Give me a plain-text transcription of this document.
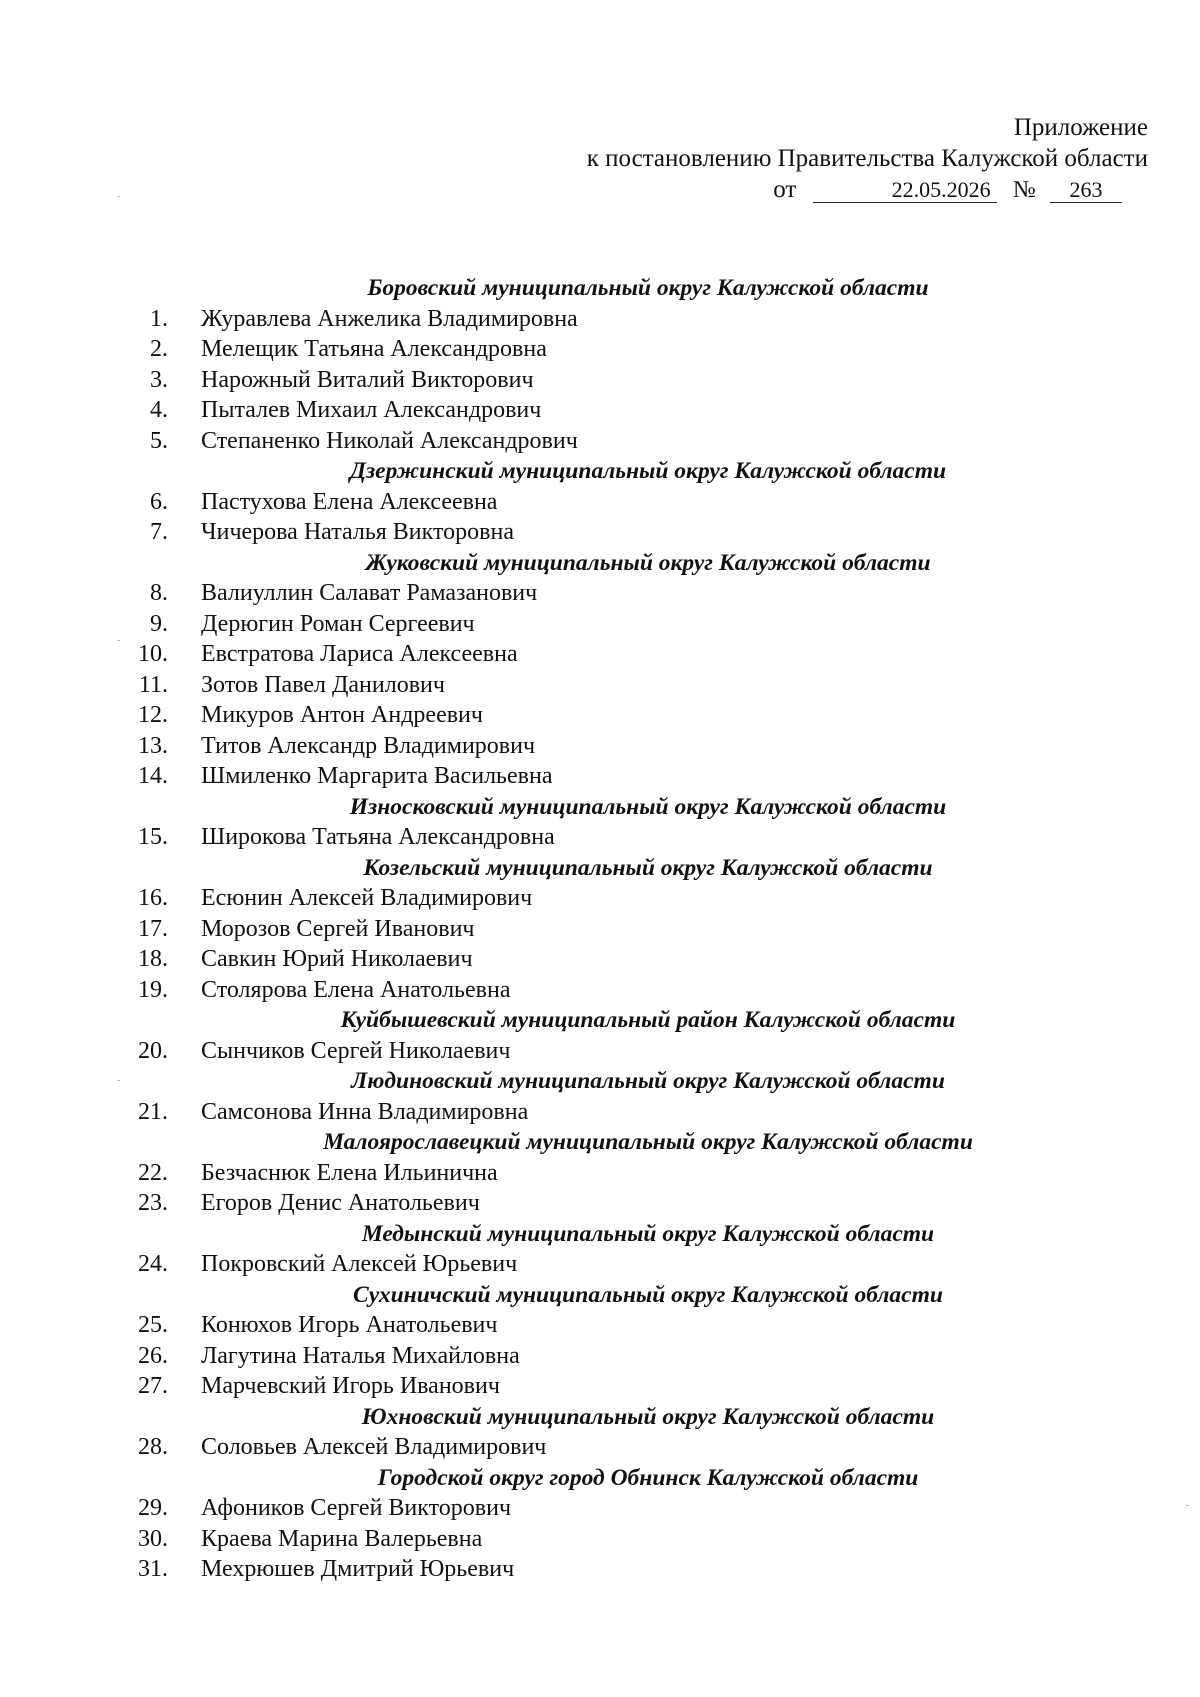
Приложение
к постановлению Правительства Калужской области
от	22.05.2026 № 263
Боровский муниципальный округ Калужской области
1. Журавлева Анжелика Владимировна
2. Мелещик Татьяна Александровна
3. Нарожный Виталий Викторович
4. Пыталев Михаил Александрович
5. Степаненко Николай Александрович
Дзержинский муниципальный округ Калужской области
6. Пастухова Елена Алексеевна
7. Чичерова Наталья Викторовна
Жуковский муниципальный округ Калужской области
8. Валиуллин Салават Рамазанович
9. Дерюгин Роман Сергеевич
10. Евстратова Лариса Алексеевна
11. Зотов Павел Данилович
12. Микуров Антон Андреевич
13. Титов Александр Владимирович
14. Шмиленко Маргарита Васильевна
Износковский муниципальный округ Калужской области
15. Широкова Татьяна Александровна
Козельский муниципальный округ Калужской области
16. Есюнин Алексей Владимирович
17. Морозов Сергей Иванович
18. Савкин Юрий Николаевич
19. Столярова Елена Анатольевна
Куйбышевский муниципальный район Калужской области
20. Сынчиков Сергей Николаевич
Людиновский муниципальный округ Калужской области
21. Самсонова Инна Владимировна
Малоярославецкий муниципальный округ Калужской области
22. Безчаснюк Елена Ильинична
23. Егоров Денис Анатольевич
Медынский муниципальный округ Калужской области
24. Покровский Алексей Юрьевич
Сухиничский муниципальный округ Калужской области
25. Конюхов Игорь Анатольевич
26. Лагутина Наталья Михайловна
27. Марчевский Игорь Иванович
Юхновский муниципальный округ Калужской области
28. Соловьев Алексей Владимирович
Городской округ город Обнинск Калужской области
29. Афоников Сергей Викторович
30. Краева Марина Валерьевна
31. Мехрюшев Дмитрий Юрьевич
